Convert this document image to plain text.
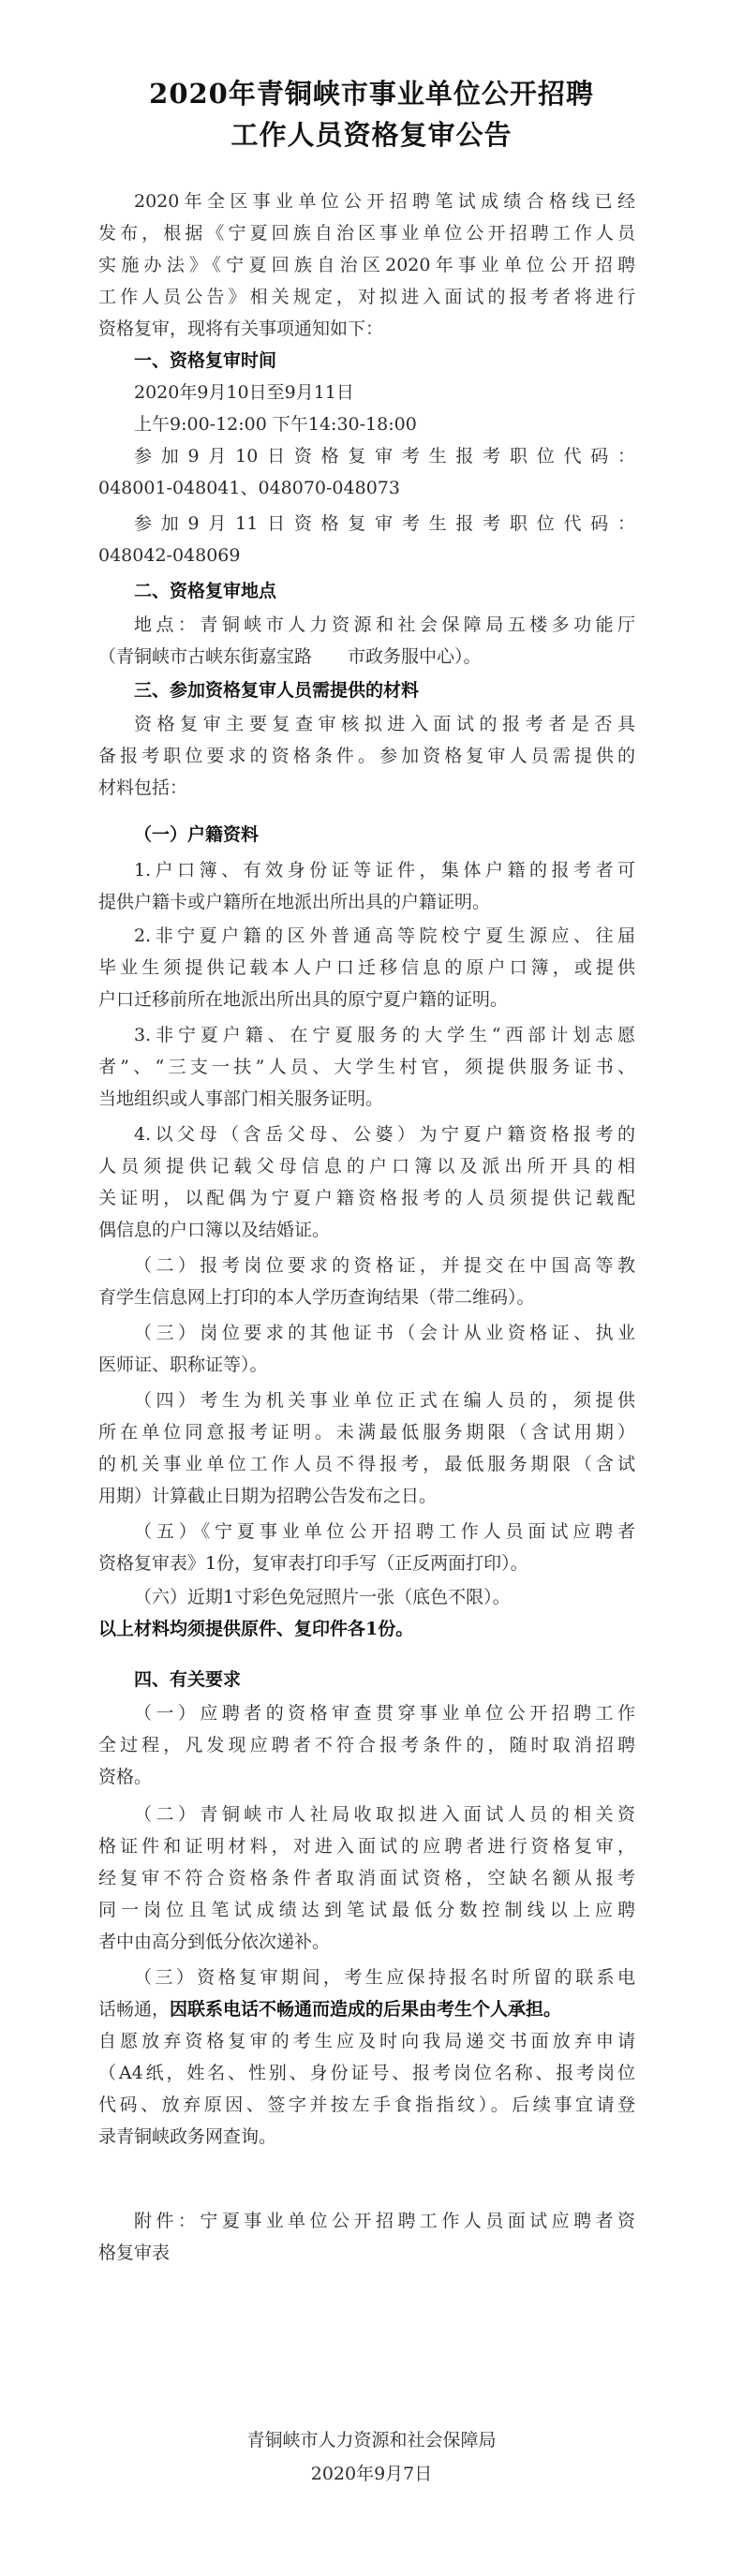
2020年青铜峡市事业单位公开招聘
工作人员资格复审公告
2020年全区事业单位公开招聘笔试成绩合格线已经
发布，根据《宁夏回族自治区事业单位公开招聘工作人员
实施办法》《宁夏回族自治区2020年事业单位公开招聘
工作人员公告》相关规定，对拟进入面试的报考者将进行
资格复审，现将有关事项通知如下：
一、资格复审时间
2020年9月10日至9月11日
上午9:00-12:00 下午14:30-18:00
参加9月10日资格复审考生报考职位代码：
048001-048041、048070-048073
参加9月11日资格复审考生报考职位代码：
048042-048069
二、资格复审地点
地点：青铜峡市人力资源和社会保障局五楼多功能厅
（青铜峡市古峡东街嘉宝路　　市政务服中心）。
三、参加资格复审人员需提供的材料
资格复审主要复查审核拟进入面试的报考者是否具
备报考职位要求的资格条件。参加资格复审人员需提供的
材料包括：
（一）户籍资料
1.户口簿、有效身份证等证件，集体户籍的报考者可
提供户籍卡或户籍所在地派出所出具的户籍证明。
2.非宁夏户籍的区外普通高等院校宁夏生源应、往届
毕业生须提供记载本人户口迁移信息的原户口簿，或提供
户口迁移前所在地派出所出具的原宁夏户籍的证明。
3.非宁夏户籍、在宁夏服务的大学生“西部计划志愿
者”、“三支一扶”人员、大学生村官，须提供服务证书、
当地组织或人事部门相关服务证明。
4.以父母（含岳父母、公婆）为宁夏户籍资格报考的
人员须提供记载父母信息的户口簿以及派出所开具的相
关证明，以配偶为宁夏户籍资格报考的人员须提供记载配
偶信息的户口簿以及结婚证。
（二）报考岗位要求的资格证，并提交在中国高等教
育学生信息网上打印的本人学历查询结果（带二维码）。
（三）岗位要求的其他证书（会计从业资格证、执业
医师证、职称证等）。
（四）考生为机关事业单位正式在编人员的，须提供
所在单位同意报考证明。未满最低服务期限（含试用期）
的机关事业单位工作人员不得报考，最低服务期限（含试
用期）计算截止日期为招聘公告发布之日。
（五）《宁夏事业单位公开招聘工作人员面试应聘者
资格复审表》1份，复审表打印手写（正反两面打印）。
（六）近期1寸彩色免冠照片一张（底色不限）。
以上材料均须提供原件、复印件各1份。
四、有关要求
（一）应聘者的资格审查贯穿事业单位公开招聘工作
全过程，凡发现应聘者不符合报考条件的，随时取消招聘
资格。
（二）青铜峡市人社局收取拟进入面试人员的相关资
格证件和证明材料，对进入面试的应聘者进行资格复审，
经复审不符合资格条件者取消面试资格，空缺名额从报考
同一岗位且笔试成绩达到笔试最低分数控制线以上应聘
者中由高分到低分依次递补。
（三）资格复审期间，考生应保持报名时所留的联系电
话畅通，因联系电话不畅通而造成的后果由考生个人承担。
自愿放弃资格复审的考生应及时向我局递交书面放弃申请
（A4纸，姓名、性别、身份证号、报考岗位名称、报考岗位
代码、放弃原因、签字并按左手食指指纹）。后续事宜请登
录青铜峡政务网查询。
附件：宁夏事业单位公开招聘工作人员面试应聘者资
格复审表
青铜峡市人力资源和社会保障局
2020年9月7日
